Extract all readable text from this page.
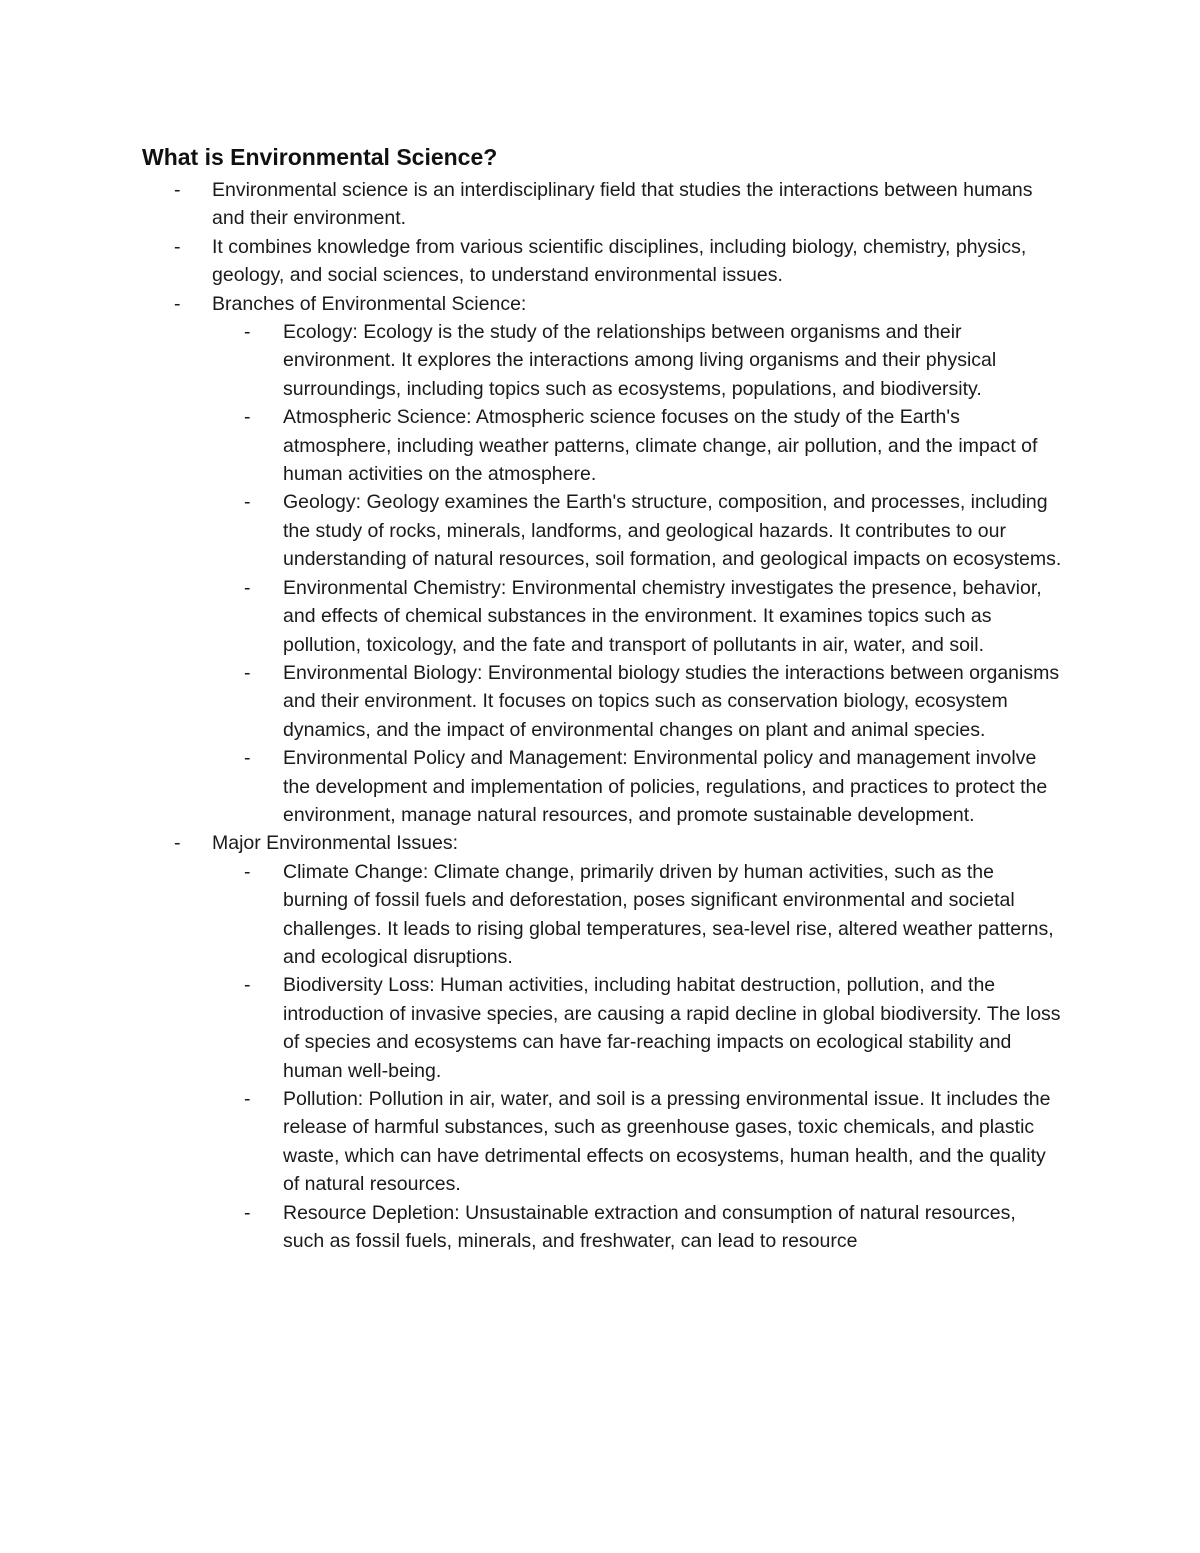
What is Environmental Science?
- Environmental science is an interdisciplinary field that studies the interactions between humans and their environment.
- It combines knowledge from various scientific disciplines, including biology, chemistry, physics, geology, and social sciences, to understand environmental issues.
- Branches of Environmental Science:
- Ecology: Ecology is the study of the relationships between organisms and their environment. It explores the interactions among living organisms and their physical surroundings, including topics such as ecosystems, populations, and biodiversity.
- Atmospheric Science: Atmospheric science focuses on the study of the Earth's atmosphere, including weather patterns, climate change, air pollution, and the impact of human activities on the atmosphere.
- Geology: Geology examines the Earth's structure, composition, and processes, including the study of rocks, minerals, landforms, and geological hazards. It contributes to our understanding of natural resources, soil formation, and geological impacts on ecosystems.
- Environmental Chemistry: Environmental chemistry investigates the presence, behavior, and effects of chemical substances in the environment. It examines topics such as pollution, toxicology, and the fate and transport of pollutants in air, water, and soil.
- Environmental Biology: Environmental biology studies the interactions between organisms and their environment. It focuses on topics such as conservation biology, ecosystem dynamics, and the impact of environmental changes on plant and animal species.
- Environmental Policy and Management: Environmental policy and management involve the development and implementation of policies, regulations, and practices to protect the environment, manage natural resources, and promote sustainable development.
- Major Environmental Issues:
- Climate Change: Climate change, primarily driven by human activities, such as the burning of fossil fuels and deforestation, poses significant environmental and societal challenges. It leads to rising global temperatures, sea-level rise, altered weather patterns, and ecological disruptions.
- Biodiversity Loss: Human activities, including habitat destruction, pollution, and the introduction of invasive species, are causing a rapid decline in global biodiversity. The loss of species and ecosystems can have far-reaching impacts on ecological stability and human well-being.
- Pollution: Pollution in air, water, and soil is a pressing environmental issue. It includes the release of harmful substances, such as greenhouse gases, toxic chemicals, and plastic waste, which can have detrimental effects on ecosystems, human health, and the quality of natural resources.
- Resource Depletion: Unsustainable extraction and consumption of natural resources, such as fossil fuels, minerals, and freshwater, can lead to resource
